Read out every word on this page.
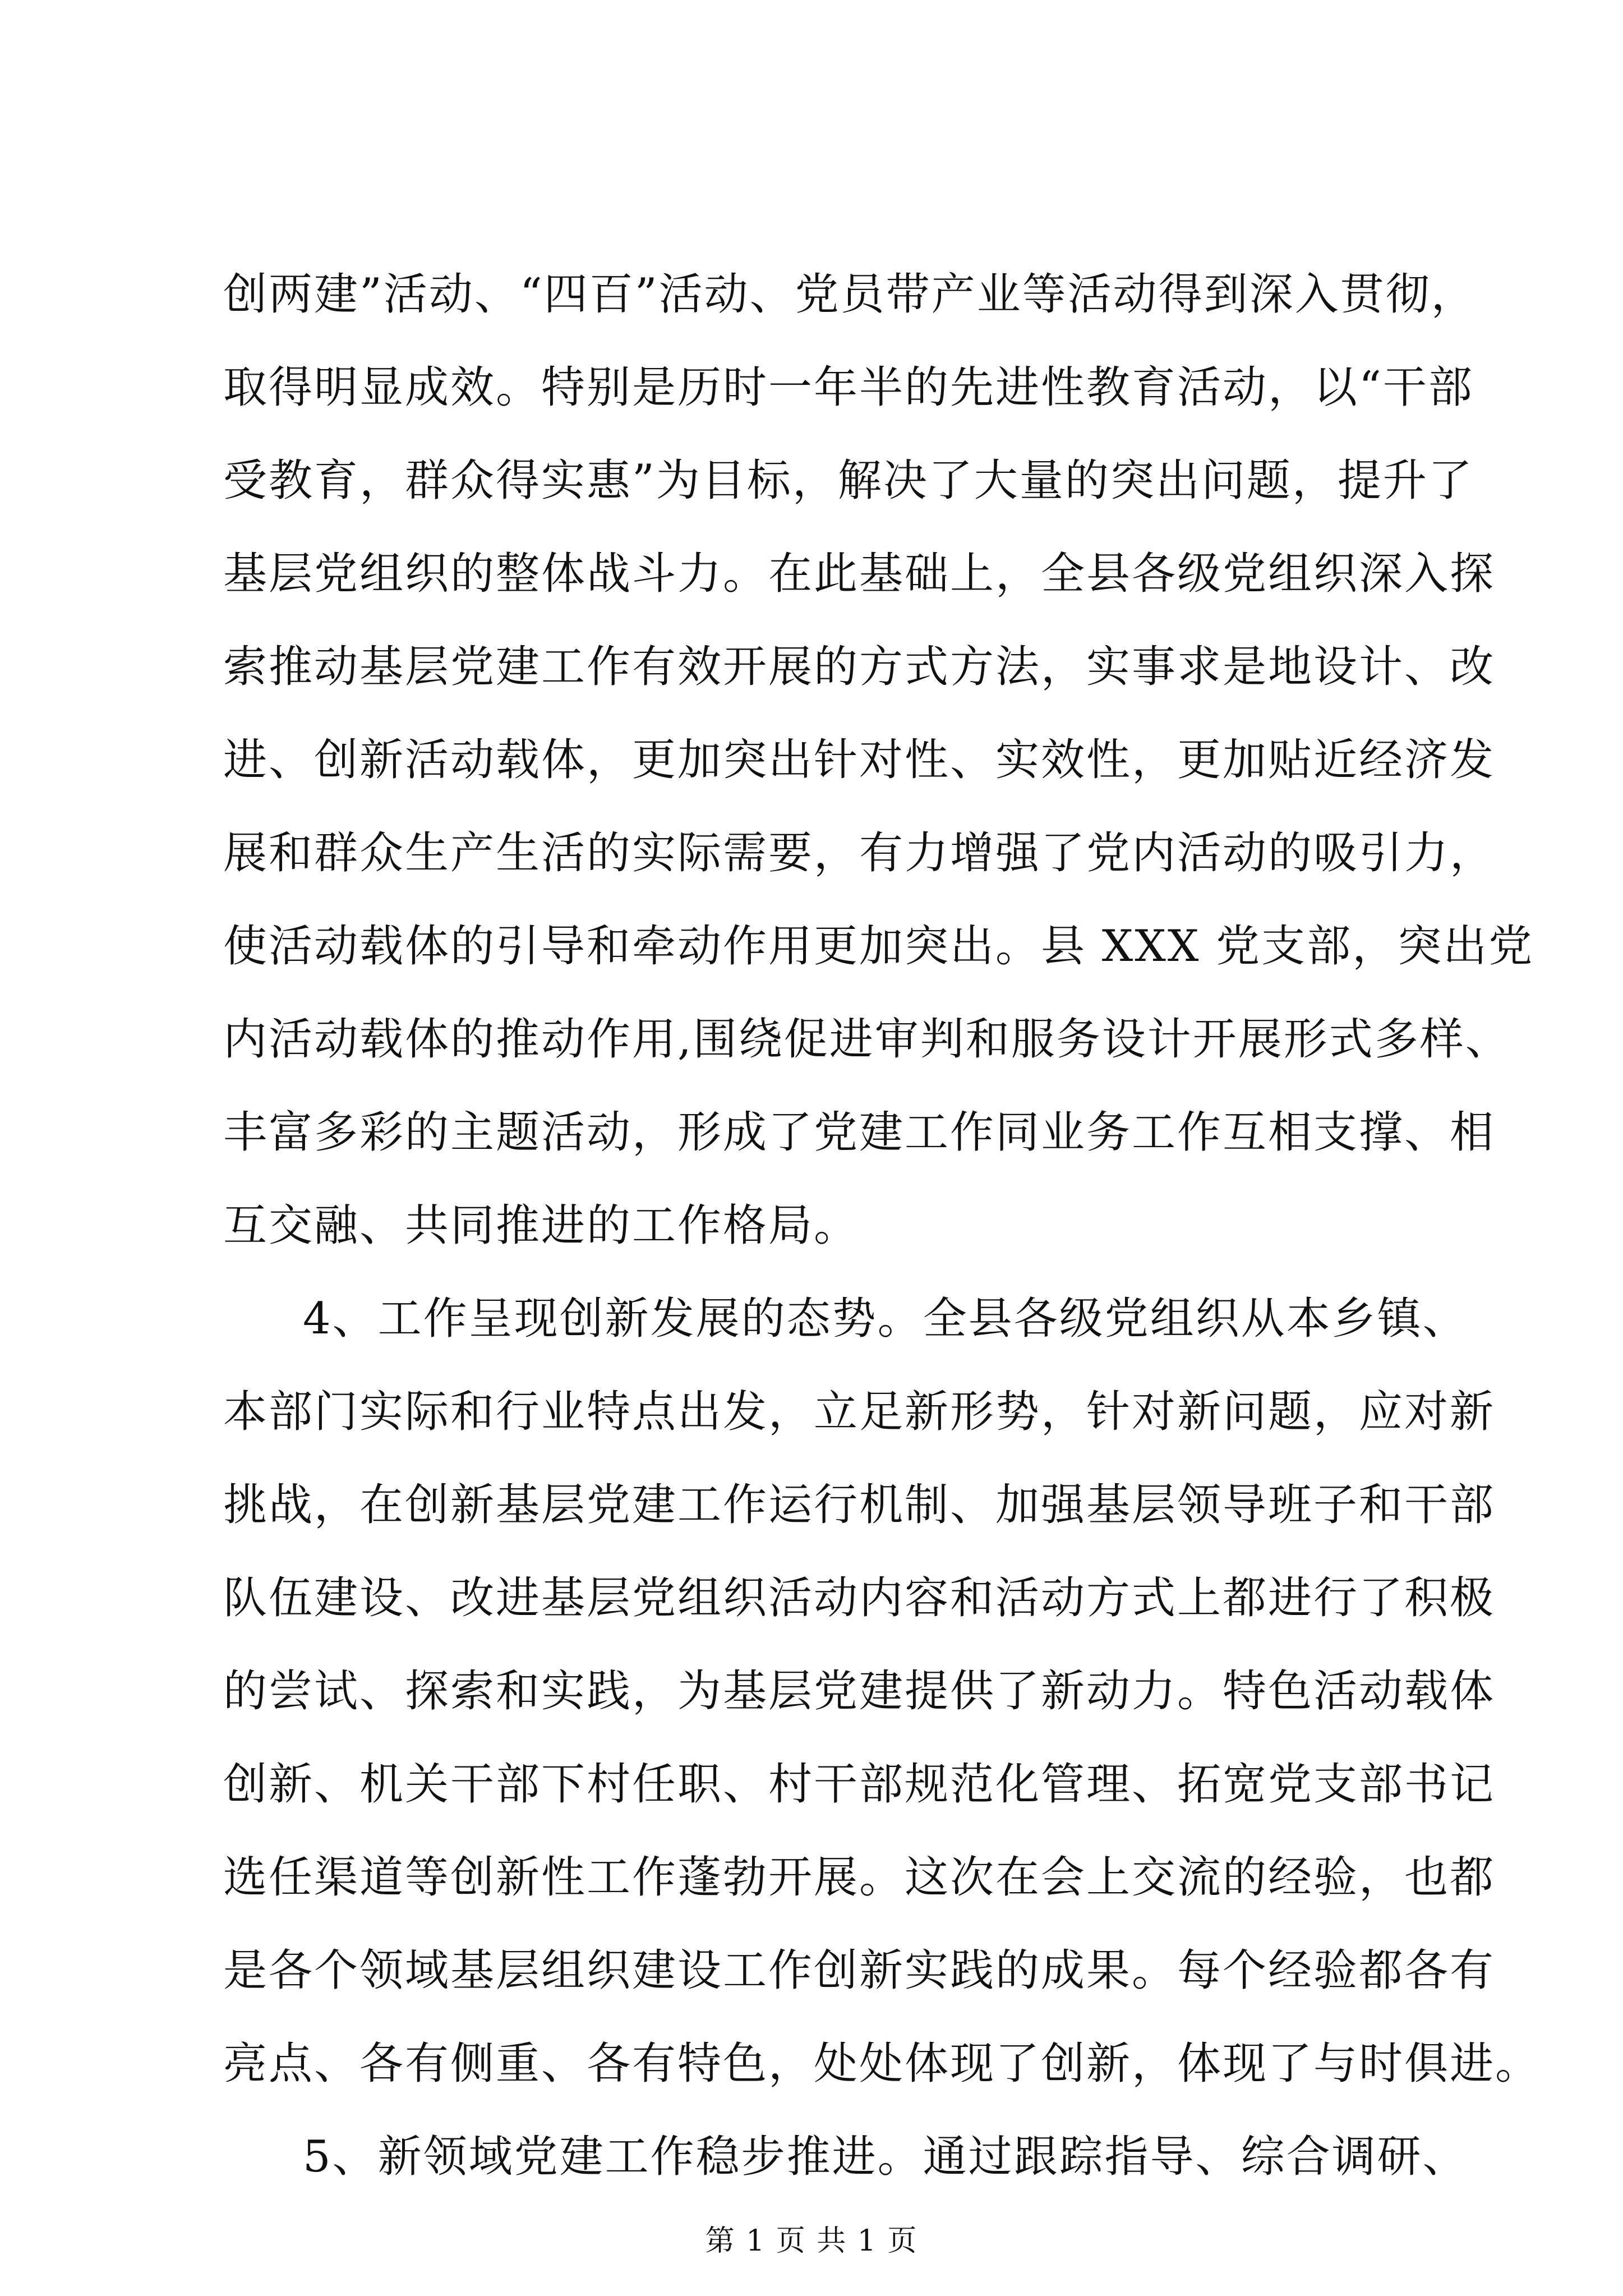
创两建”活动、“四百”活动、党员带产业等活动得到深入贯彻，
取得明显成效。特别是历时一年半的先进性教育活动，以“干部
受教育，群众得实惠”为目标，解决了大量的突出问题，提升了
基层党组织的整体战斗力。在此基础上，全县各级党组织深入探
索推动基层党建工作有效开展的方式方法，实事求是地设计、改
进、创新活动载体，更加突出针对性、实效性，更加贴近经济发
展和群众生产生活的实际需要，有力增强了党内活动的吸引力，
使活动载体的引导和牵动作用更加突出。县 XXX 党支部，突出党
内活动载体的推动作用,围绕促进审判和服务设计开展形式多样、
丰富多彩的主题活动，形成了党建工作同业务工作互相支撑、相
互交融、共同推进的工作格局。
4、工作呈现创新发展的态势。全县各级党组织从本乡镇、
本部门实际和行业特点出发，立足新形势，针对新问题，应对新
挑战，在创新基层党建工作运行机制、加强基层领导班子和干部
队伍建设、改进基层党组织活动内容和活动方式上都进行了积极
的尝试、探索和实践，为基层党建提供了新动力。特色活动载体
创新、机关干部下村任职、村干部规范化管理、拓宽党支部书记
选任渠道等创新性工作蓬勃开展。这次在会上交流的经验，也都
是各个领域基层组织建设工作创新实践的成果。每个经验都各有
亮点、各有侧重、各有特色，处处体现了创新，体现了与时俱进。
5、新领域党建工作稳步推进。通过跟踪指导、综合调研、
第 1 页 共 1 页
